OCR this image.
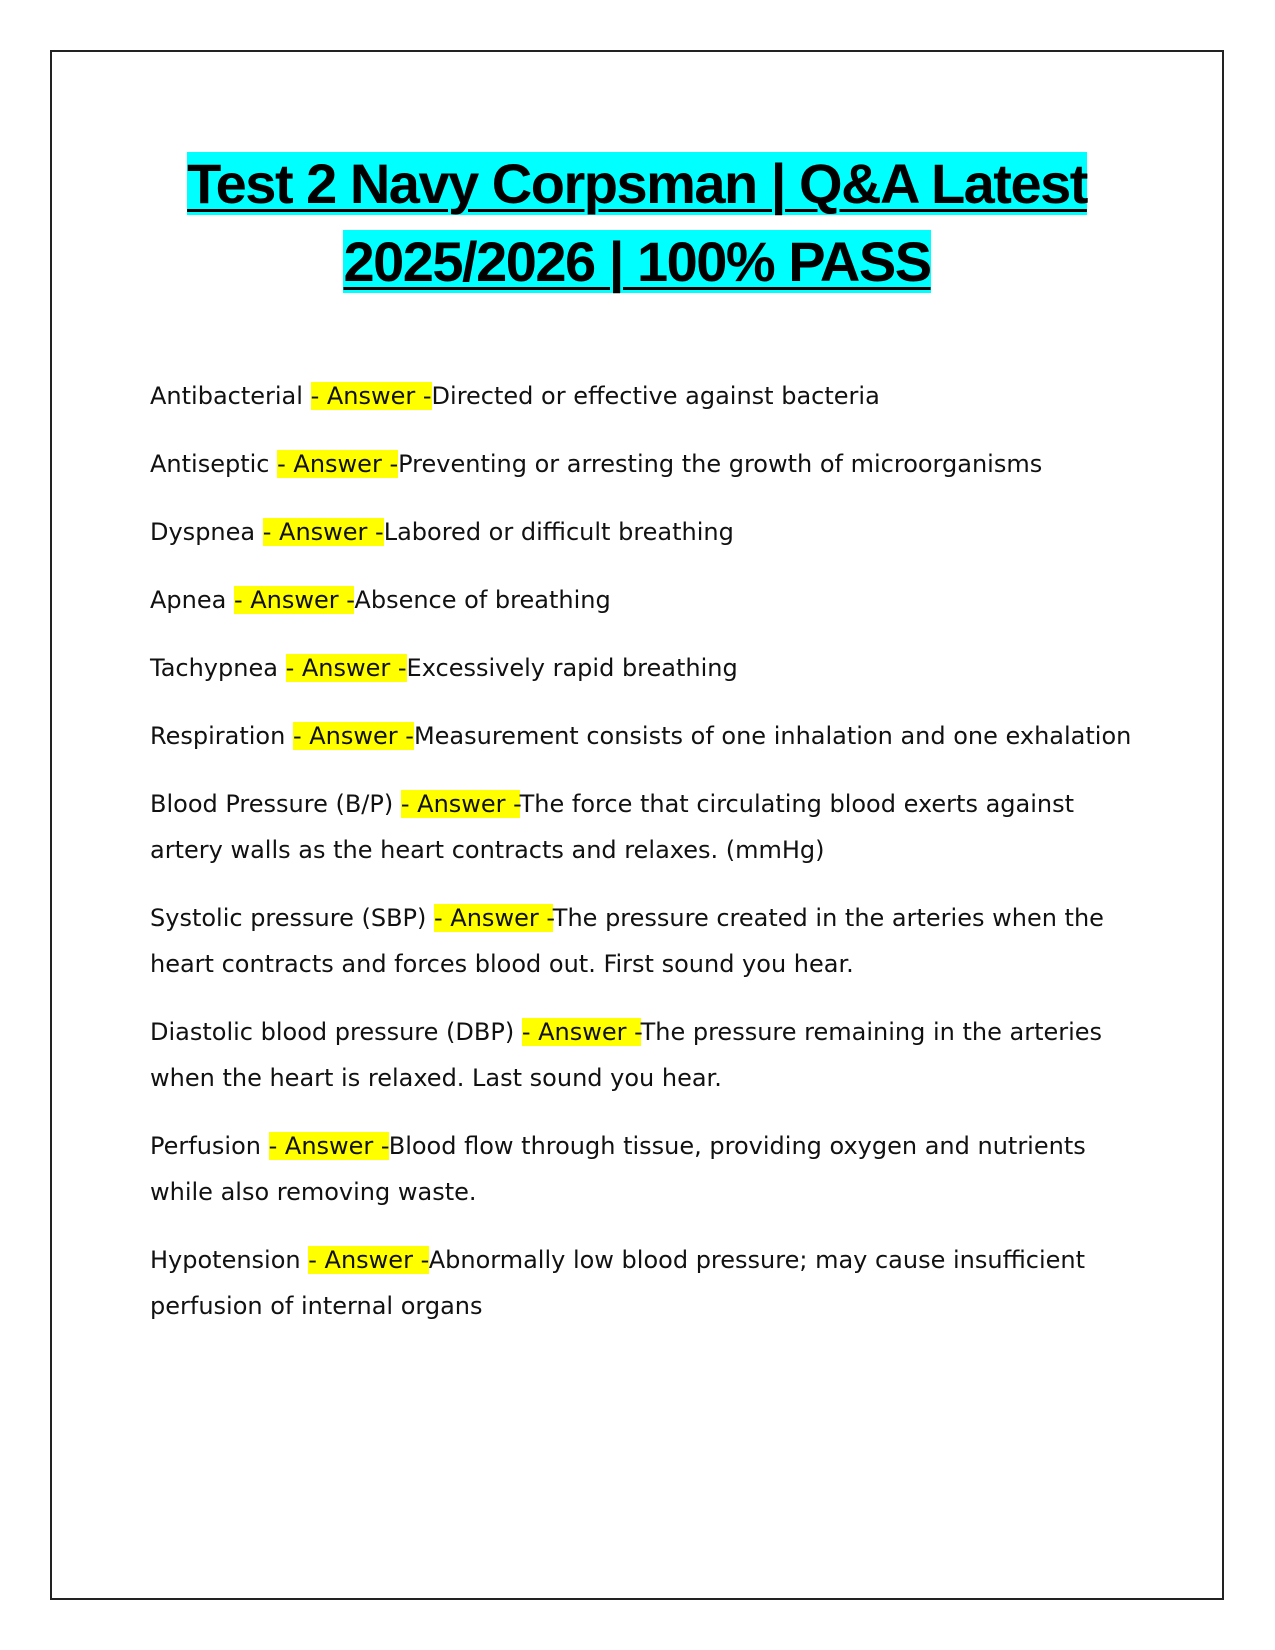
Test 2 Navy Corpsman | Q&A Latest
2025/2026 | 100% PASS
Antibacterial - Answer -Directed or effective against bacteria
Antiseptic - Answer -Preventing or arresting the growth of microorganisms
Dyspnea - Answer -Labored or difficult breathing
Apnea - Answer -Absence of breathing
Tachypnea - Answer -Excessively rapid breathing
Respiration - Answer -Measurement consists of one inhalation and one exhalation
Blood Pressure (B/P) - Answer -The force that circulating blood exerts against artery walls as the heart contracts and relaxes. (mmHg)
Systolic pressure (SBP) - Answer -The pressure created in the arteries when the heart contracts and forces blood out. First sound you hear.
Diastolic blood pressure (DBP) - Answer -The pressure remaining in the arteries when the heart is relaxed. Last sound you hear.
Perfusion - Answer -Blood flow through tissue, providing oxygen and nutrients while also removing waste.
Hypotension - Answer -Abnormally low blood pressure; may cause insufficient perfusion of internal organs
